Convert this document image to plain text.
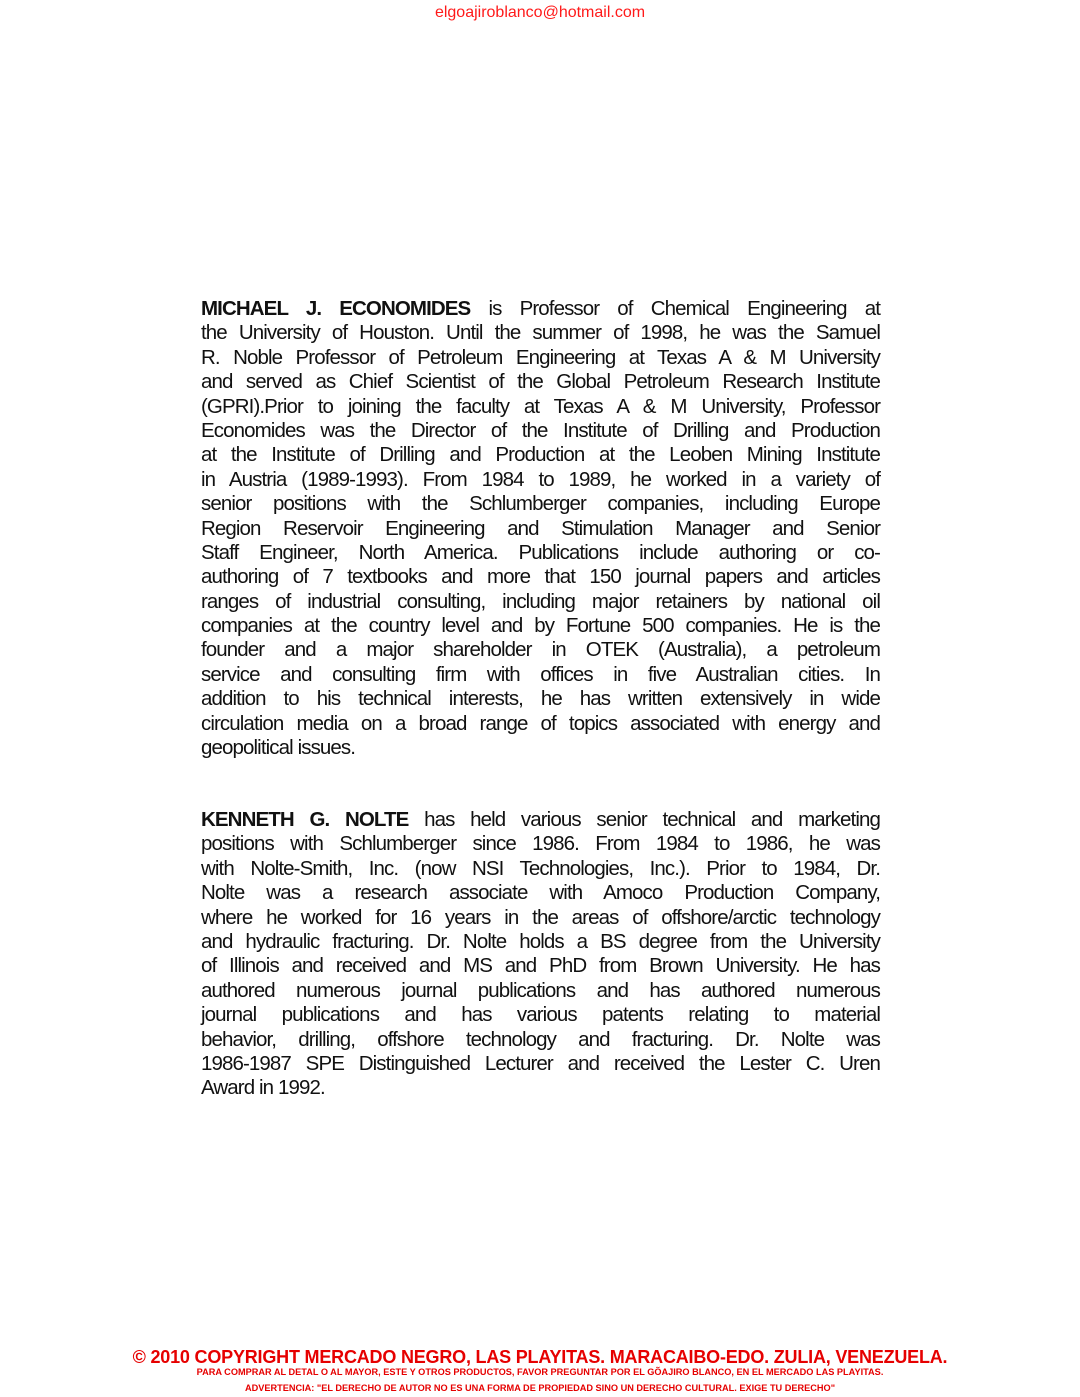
elgoajiroblanco@hotmail.com
MICHAEL J. ECONOMIDES is Professor of Chemical Engineering at
the University of Houston. Until the summer of 1998, he was the Samuel
R. Noble Professor of Petroleum Engineering at Texas A & M University
and served as Chief Scientist of the Global Petroleum Research Institute
(GPRI).Prior to joining the faculty at Texas A & M University, Professor
Economides was the Director of the Institute of Drilling and Production
at the Institute of Drilling and Production at the Leoben Mining Institute
in Austria (1989-1993). From 1984 to 1989, he worked in a variety of
senior positions with the Schlumberger companies, including Europe
Region Reservoir Engineering and Stimulation Manager and Senior
Staff Engineer, North America. Publications include authoring or co-
authoring of 7 textbooks and more that 150 journal papers and articles
ranges of industrial consulting, including major retainers by national oil
companies at the country level and by Fortune 500 companies. He is the
founder and a major shareholder in OTEK (Australia), a petroleum
service and consulting firm with offices in five Australian cities. In
addition to his technical interests, he has written extensively in wide
circulation media on a broad range of topics associated with energy and
geopolitical issues.
KENNETH G. NOLTE has held various senior technical and marketing
positions with Schlumberger since 1986. From 1984 to 1986, he was
with Nolte-Smith, Inc. (now NSI Technologies, Inc.). Prior to 1984, Dr.
Nolte was a research associate with Amoco Production Company,
where he worked for 16 years in the areas of offshore/arctic technology
and hydraulic fracturing. Dr. Nolte holds a BS degree from the University
of Illinois and received and MS and PhD from Brown University. He has
authored numerous journal publications and has authored numerous
journal publications and has various patents relating to material
behavior, drilling, offshore technology and fracturing. Dr. Nolte was
1986-1987 SPE Distinguished Lecturer and received the Lester C. Uren
Award in 1992.
© 2010 COPYRIGHT MERCADO NEGRO, LAS PLAYITAS. MARACAIBO-EDO. ZULIA, VENEZUELA.
PARA COMPRAR AL DETAL O AL MAYOR, ESTE Y OTROS PRODUCTOS, FAVOR PREGUNTAR POR EL GÕAJIRO BLANCO, EN EL MERCADO LAS PLAYITAS.
ADVERTENCIA: "EL DERECHO DE AUTOR NO ES UNA FORMA DE PROPIEDAD SINO UN DERECHO CULTURAL. EXIGE TU DERECHO"
